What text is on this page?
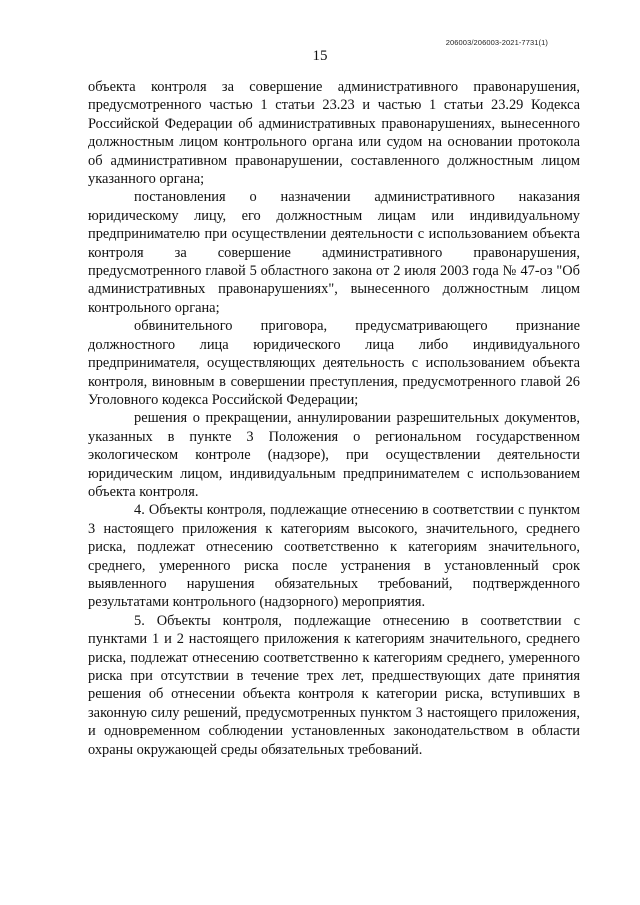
206003/206003-2021-7731(1)
15

объекта контроля за совершение административного правонарушения, предусмотренного частью 1 статьи 23.23 и частью 1 статьи 23.29 Кодекса Российской Федерации об административных правонарушениях, вынесенного должностным лицом контрольного органа или судом на основании протокола об административном правонарушении, составленного должностным лицом указанного органа;

постановления о назначении административного наказания юридическому лицу, его должностным лицам или индивидуальному предпринимателю при осуществлении деятельности с использованием объекта контроля за совершение административного правонарушения, предусмотренного главой 5 областного закона от 2 июля 2003 года № 47-оз "Об административных правонарушениях", вынесенного должностным лицом контрольного органа;

обвинительного приговора, предусматривающего признание должностного лица юридического лица либо индивидуального предпринимателя, осуществляющих деятельность с использованием объекта контроля, виновным в совершении преступления, предусмотренного главой 26 Уголовного кодекса Российской Федерации;

решения о прекращении, аннулировании разрешительных документов, указанных в пункте 3 Положения о региональном государственном экологическом контроле (надзоре), при осуществлении деятельности юридическим лицом, индивидуальным предпринимателем с использованием объекта контроля.

4. Объекты контроля, подлежащие отнесению в соответствии с пунктом 3 настоящего приложения к категориям высокого, значительного, среднего риска, подлежат отнесению соответственно к категориям значительного, среднего, умеренного риска после устранения в установленный срок выявленного нарушения обязательных требований, подтвержденного результатами контрольного (надзорного) мероприятия.

5. Объекты контроля, подлежащие отнесению в соответствии с пунктами 1 и 2 настоящего приложения к категориям значительного, среднего риска, подлежат отнесению соответственно к категориям среднего, умеренного риска при отсутствии в течение трех лет, предшествующих дате принятия решения об отнесении объекта контроля к категории риска, вступивших в законную силу решений, предусмотренных пунктом 3 настоящего приложения, и одновременном соблюдении установленных законодательством в области охраны окружающей среды обязательных требований.
